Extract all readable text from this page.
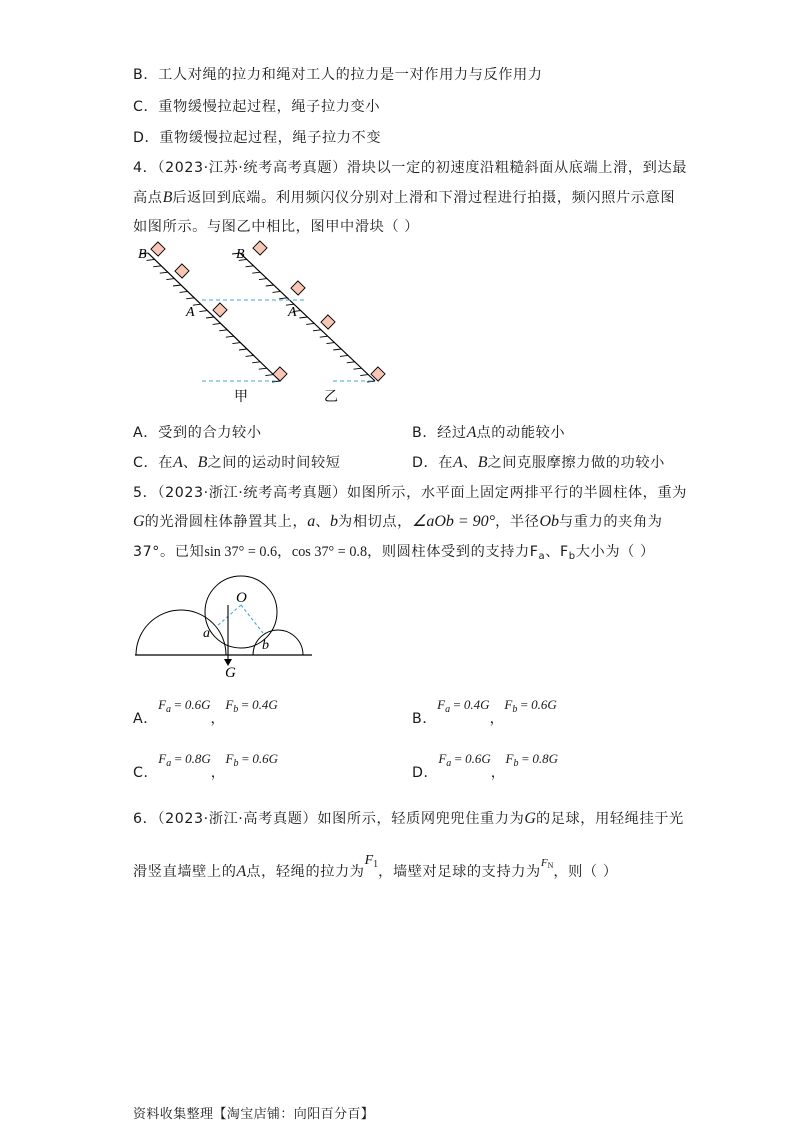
B．工人对绳的拉力和绳对工人的拉力是一对作用力与反作用力
C．重物缓慢拉起过程，绳子拉力变小
D．重物缓慢拉起过程，绳子拉力不变
4．（2023·江苏·统考高考真题）滑块以一定的初速度沿粗糙斜面从底端上滑，到达最
高点B后返回到底端。利用频闪仪分别对上滑和下滑过程进行拍摄，频闪照片示意图
如图所示。与图乙中相比，图甲中滑块（ ）
B	B
A	A
甲	乙
A．受到的合力较小	B．经过A点的动能较小
C．在A、B之间的运动时间较短	D．在A、B之间克服摩擦力做的功较小
5．（2023·浙江·统考高考真题）如图所示，水平面上固定两排平行的半圆柱体，重为
G的光滑圆柱体静置其上，a、b为相切点，∠aOb = 90°，半径Ob与重力的夹角为
37°。已知sin 37° = 0.6，cos 37° = 0.8，则圆柱体受到的支持力$F_a$、$F_b$大小为（ ）
O
a
b
G
A．$F_a = 0.6G$，$F_b = 0.4G$
B．$F_a = 0.4G$，$F_b = 0.6G$
C．$F_a = 0.8G$，$F_b = 0.6G$
D．$F_a = 0.6G$，$F_b = 0.8G$
6．（2023·浙江·高考真题）如图所示，轻质网兜兜住重力为G的足球，用轻绳挂于光
滑竖直墙壁上的A点，轻绳的拉力为$F_1$，墙壁对足球的支持力为$^{FN}$，则（ ）
资料收集整理【淘宝店铺：向阳百分百】
